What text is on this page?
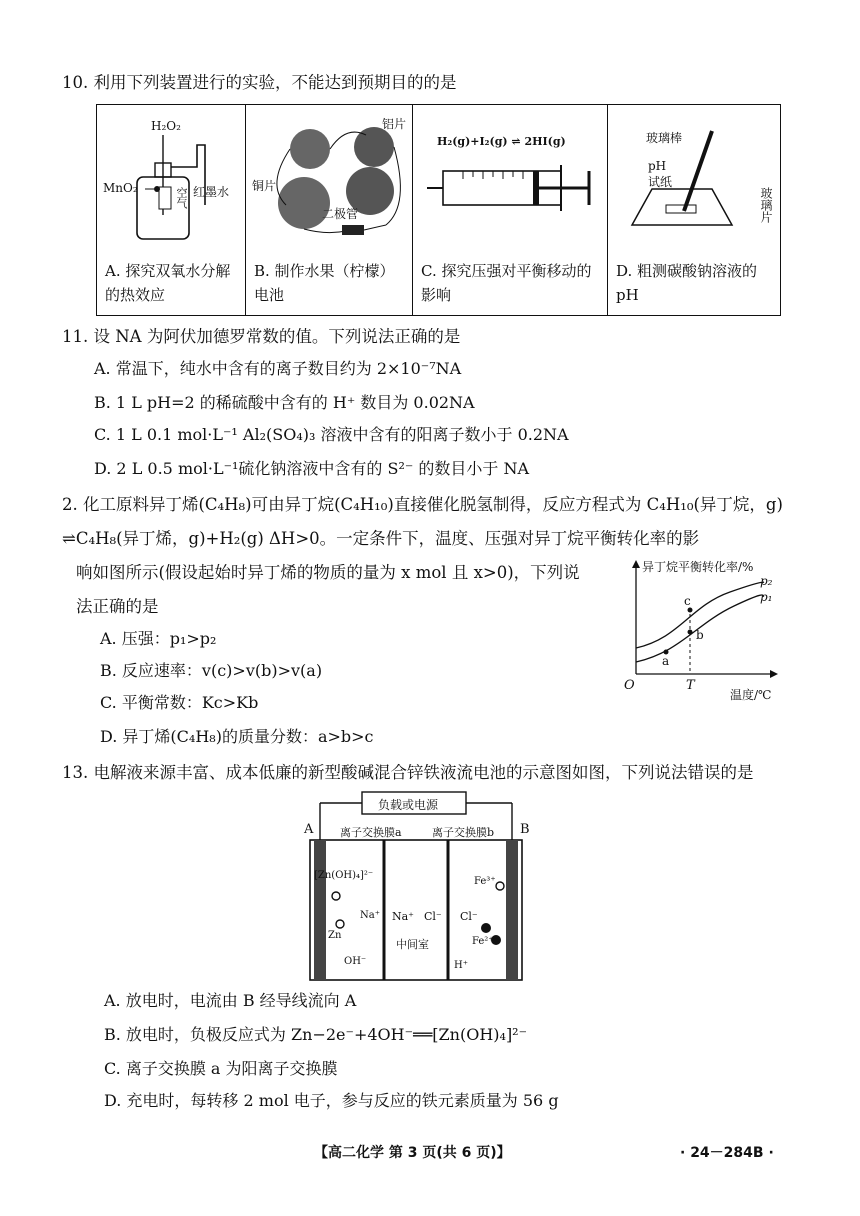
10. 利用下列装置进行的实验，不能达到预期目的的是
H₂O₂
MnO₂	空气 红墨水
A. 探究双氧水分解的热效应

铜片
铝片
二极管
B. 制作水果（柠檬）电池

H₂(g)+I₂(g) ⇌ 2HI(g)
C. 探究压强对平衡移动的影响

玻璃棒
pH
试纸
玻璃片
D. 粗测碳酸钠溶液的pH
11. 设 NA 为阿伏加德罗常数的值。下列说法正确的是
A. 常温下，纯水中含有的离子数目约为 2×10⁻⁷NA
B. 1 L pH=2 的稀硫酸中含有的 H⁺ 数目为 0.02NA
C. 1 L 0.1 mol·L⁻¹ Al₂(SO₄)₃ 溶液中含有的阳离子数小于 0.2NA
D. 2 L 0.5 mol·L⁻¹硫化钠溶液中含有的 S²⁻ 的数目小于 NA
2. 化工原料异丁烯(C₄H₈)可由异丁烷(C₄H₁₀)直接催化脱氢制得，反应方程式为 C₄H₁₀(异丁烷，g)
⇌C₄H₈(异丁烯，g)+H₂(g) ΔH>0。一定条件下，温度、压强对异丁烷平衡转化率的影
响如图所示(假设起始时异丁烯的物质的量为 x mol 且 x>0)，下列说
法正确的是
A. 压强：p₁>p₂
B. 反应速率：v(c)>v(b)>v(a)
C. 平衡常数：Kc>Kb
D. 异丁烯(C₄H₈)的质量分数：a>b>c
异丁烷平衡转化率/%
温度/℃
O	T
p₂
p₁
a
b
c
13. 电解液来源丰富、成本低廉的新型酸碱混合锌铁液流电池的示意图如图，下列说法错误的是
负载或电源
A	B
离子交换膜a	离子交换膜b
[Zn(OH)₄]²⁻
Na⁺
Zn
OH⁻
Na⁺ Cl⁻
中间室
Cl⁻
Fe³⁺
Fe²⁺
H⁺
A. 放电时，电流由 B 经导线流向 A
B. 放电时，负极反应式为 Zn−2e⁻+4OH⁻══[Zn(OH)₄]²⁻
C. 离子交换膜 a 为阳离子交换膜
D. 充电时，每转移 2 mol 电子，参与反应的铁元素质量为 56 g
【高二化学 第 3 页(共 6 页)】	· 24－284B ·
